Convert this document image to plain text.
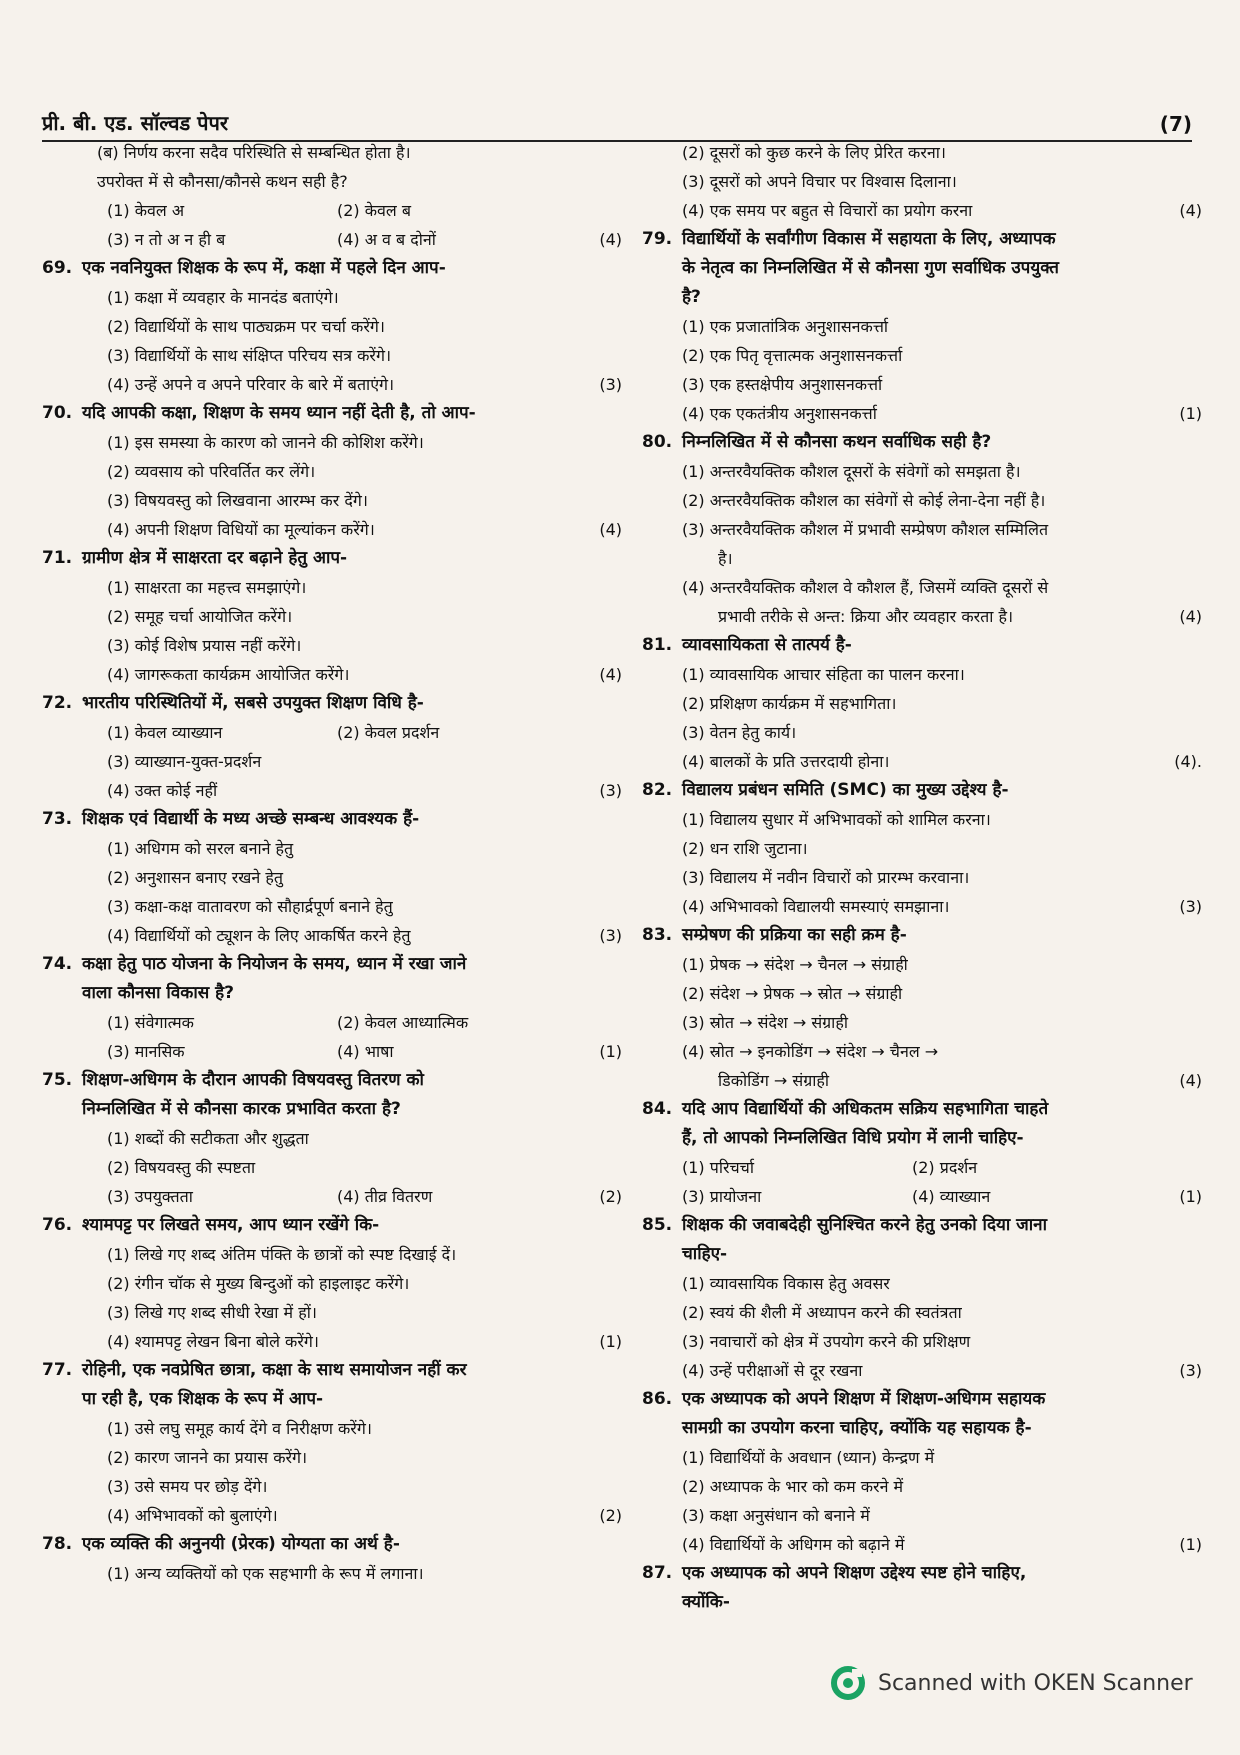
प्री. बी. एड. सॉल्वड पेपर	(7)
(ब) निर्णय करना सदैव परिस्थिति से सम्बन्धित होता है।
उपरोक्त में से कौनसा/कौनसे कथन सही है?
(1) केवल अ	(2) केवल ब
(3) न तो अ न ही ब	(4) अ व ब दोनों	(4)
69. एक नवनियुक्त शिक्षक के रूप में, कक्षा में पहले दिन आप-
(1) कक्षा में व्यवहार के मानदंड बताएंगे।
(2) विद्यार्थियों के साथ पाठ्यक्रम पर चर्चा करेंगे।
(3) विद्यार्थियों के साथ संक्षिप्त परिचय सत्र करेंगे।
(4) उन्हें अपने व अपने परिवार के बारे में बताएंगे।	(3)
70. यदि आपकी कक्षा, शिक्षण के समय ध्यान नहीं देती है, तो आप-
(1) इस समस्या के कारण को जानने की कोशिश करेंगे।
(2) व्यवसाय को परिवर्तित कर लेंगे।
(3) विषयवस्तु को लिखवाना आरम्भ कर देंगे।
(4) अपनी शिक्षण विधियों का मूल्यांकन करेंगे।	(4)
71. ग्रामीण क्षेत्र में साक्षरता दर बढ़ाने हेतु आप-
(1) साक्षरता का महत्त्व समझाएंगे।
(2) समूह चर्चा आयोजित करेंगे।
(3) कोई विशेष प्रयास नहीं करेंगे।
(4) जागरूकता कार्यक्रम आयोजित करेंगे।	(4)
72. भारतीय परिस्थितियों में, सबसे उपयुक्त शिक्षण विधि है-
(1) केवल व्याख्यान	(2) केवल प्रदर्शन
(3) व्याख्यान-युक्त-प्रदर्शन
(4) उक्त कोई नहीं	(3)
73. शिक्षक एवं विद्यार्थी के मध्य अच्छे सम्बन्ध आवश्यक हैं-
(1) अधिगम को सरल बनाने हेतु
(2) अनुशासन बनाए रखने हेतु
(3) कक्षा-कक्ष वातावरण को सौहार्द्रपूर्ण बनाने हेतु
(4) विद्यार्थियों को ट्यूशन के लिए आकर्षित करने हेतु	(3)
74. कक्षा हेतु पाठ योजना के नियोजन के समय, ध्यान में रखा जाने
वाला कौनसा विकास है?
(1) संवेगात्मक	(2) केवल आध्यात्मिक
(3) मानसिक	(4) भाषा	(1)
75. शिक्षण-अधिगम के दौरान आपकी विषयवस्तु वितरण को
निम्नलिखित में से कौनसा कारक प्रभावित करता है?
(1) शब्दों की सटीकता और शुद्धता
(2) विषयवस्तु की स्पष्टता
(3) उपयुक्तता	(4) तीव्र वितरण	(2)
76. श्यामपट्ट पर लिखते समय, आप ध्यान रखेंगे कि-
(1) लिखे गए शब्द अंतिम पंक्ति के छात्रों को स्पष्ट दिखाई दें।
(2) रंगीन चॉक से मुख्य बिन्दुओं को हाइलाइट करेंगे।
(3) लिखे गए शब्द सीधी रेखा में हों।
(4) श्यामपट्ट लेखन बिना बोले करेंगे।	(1)
77. रोहिनी, एक नवप्रेषित छात्रा, कक्षा के साथ समायोजन नहीं कर
पा रही है, एक शिक्षक के रूप में आप-
(1) उसे लघु समूह कार्य देंगे व निरीक्षण करेंगे।
(2) कारण जानने का प्रयास करेंगे।
(3) उसे समय पर छोड़ देंगे।
(4) अभिभावकों को बुलाएंगे।	(2)
78. एक व्यक्ति की अनुनयी (प्रेरक) योग्यता का अर्थ है-
(1) अन्य व्यक्तियों को एक सहभागी के रूप में लगाना।
(2) दूसरों को कुछ करने के लिए प्रेरित करना।
(3) दूसरों को अपने विचार पर विश्वास दिलाना।
(4) एक समय पर बहुत से विचारों का प्रयोग करना	(4)
79. विद्यार्थियों के सर्वांगीण विकास में सहायता के लिए, अध्यापक
के नेतृत्व का निम्नलिखित में से कौनसा गुण सर्वाधिक उपयुक्त
है?
(1) एक प्रजातांत्रिक अनुशासनकर्त्ता
(2) एक पितृ वृत्तात्मक अनुशासनकर्त्ता
(3) एक हस्तक्षेपीय अनुशासनकर्त्ता
(4) एक एकतंत्रीय अनुशासनकर्त्ता	(1)
80. निम्नलिखित में से कौनसा कथन सर्वाधिक सही है?
(1) अन्तरवैयक्तिक कौशल दूसरों के संवेगों को समझता है।
(2) अन्तरवैयक्तिक कौशल का संवेगों से कोई लेना-देना नहीं है।
(3) अन्तरवैयक्तिक कौशल में प्रभावी सम्प्रेषण कौशल सम्मिलित
है।
(4) अन्तरवैयक्तिक कौशल वे कौशल हैं, जिसमें व्यक्ति दूसरों से
प्रभावी तरीके से अन्त: क्रिया और व्यवहार करता है।	(4)
81. व्यावसायिकता से तात्पर्य है-
(1) व्यावसायिक आचार संहिता का पालन करना।
(2) प्रशिक्षण कार्यक्रम में सहभागिता।
(3) वेतन हेतु कार्य।
(4) बालकों के प्रति उत्तरदायी होना।	(4).
82. विद्यालय प्रबंधन समिति (SMC) का मुख्य उद्देश्य है-
(1) विद्यालय सुधार में अभिभावकों को शामिल करना।
(2) धन राशि जुटाना।
(3) विद्यालय में नवीन विचारों को प्रारम्भ करवाना।
(4) अभिभावको विद्यालयी समस्याएं समझाना।	(3)
83. सम्प्रेषण की प्रक्रिया का सही क्रम है-
(1) प्रेषक → संदेश → चैनल → संग्राही
(2) संदेश → प्रेषक → स्रोत → संग्राही
(3) स्रोत → संदेश → संग्राही
(4) स्रोत → इनकोडिंग → संदेश → चैनल →
डिकोडिंग → संग्राही	(4)
84. यदि आप विद्यार्थियों की अधिकतम सक्रिय सहभागिता चाहते
हैं, तो आपको निम्नलिखित विधि प्रयोग में लानी चाहिए-
(1) परिचर्चा	(2) प्रदर्शन
(3) प्रायोजना	(4) व्याख्यान	(1)
85. शिक्षक की जवाबदेही सुनिश्चित करने हेतु उनको दिया जाना
चाहिए-
(1) व्यावसायिक विकास हेतु अवसर
(2) स्वयं की शैली में अध्यापन करने की स्वतंत्रता
(3) नवाचारों को क्षेत्र में उपयोग करने की प्रशिक्षण
(4) उन्हें परीक्षाओं से दूर रखना	(3)
86. एक अध्यापक को अपने शिक्षण में शिक्षण-अधिगम सहायक
सामग्री का उपयोग करना चाहिए, क्योंकि यह सहायक है-
(1) विद्यार्थियों के अवधान (ध्यान) केन्द्रण में
(2) अध्यापक के भार को कम करने में
(3) कक्षा अनुसंधान को बनाने में
(4) विद्यार्थियों के अधिगम को बढ़ाने में	(1)
87. एक अध्यापक को अपने शिक्षण उद्देश्य स्पष्ट होने चाहिए,
क्योंकि-
Scanned with OKEN Scanner
